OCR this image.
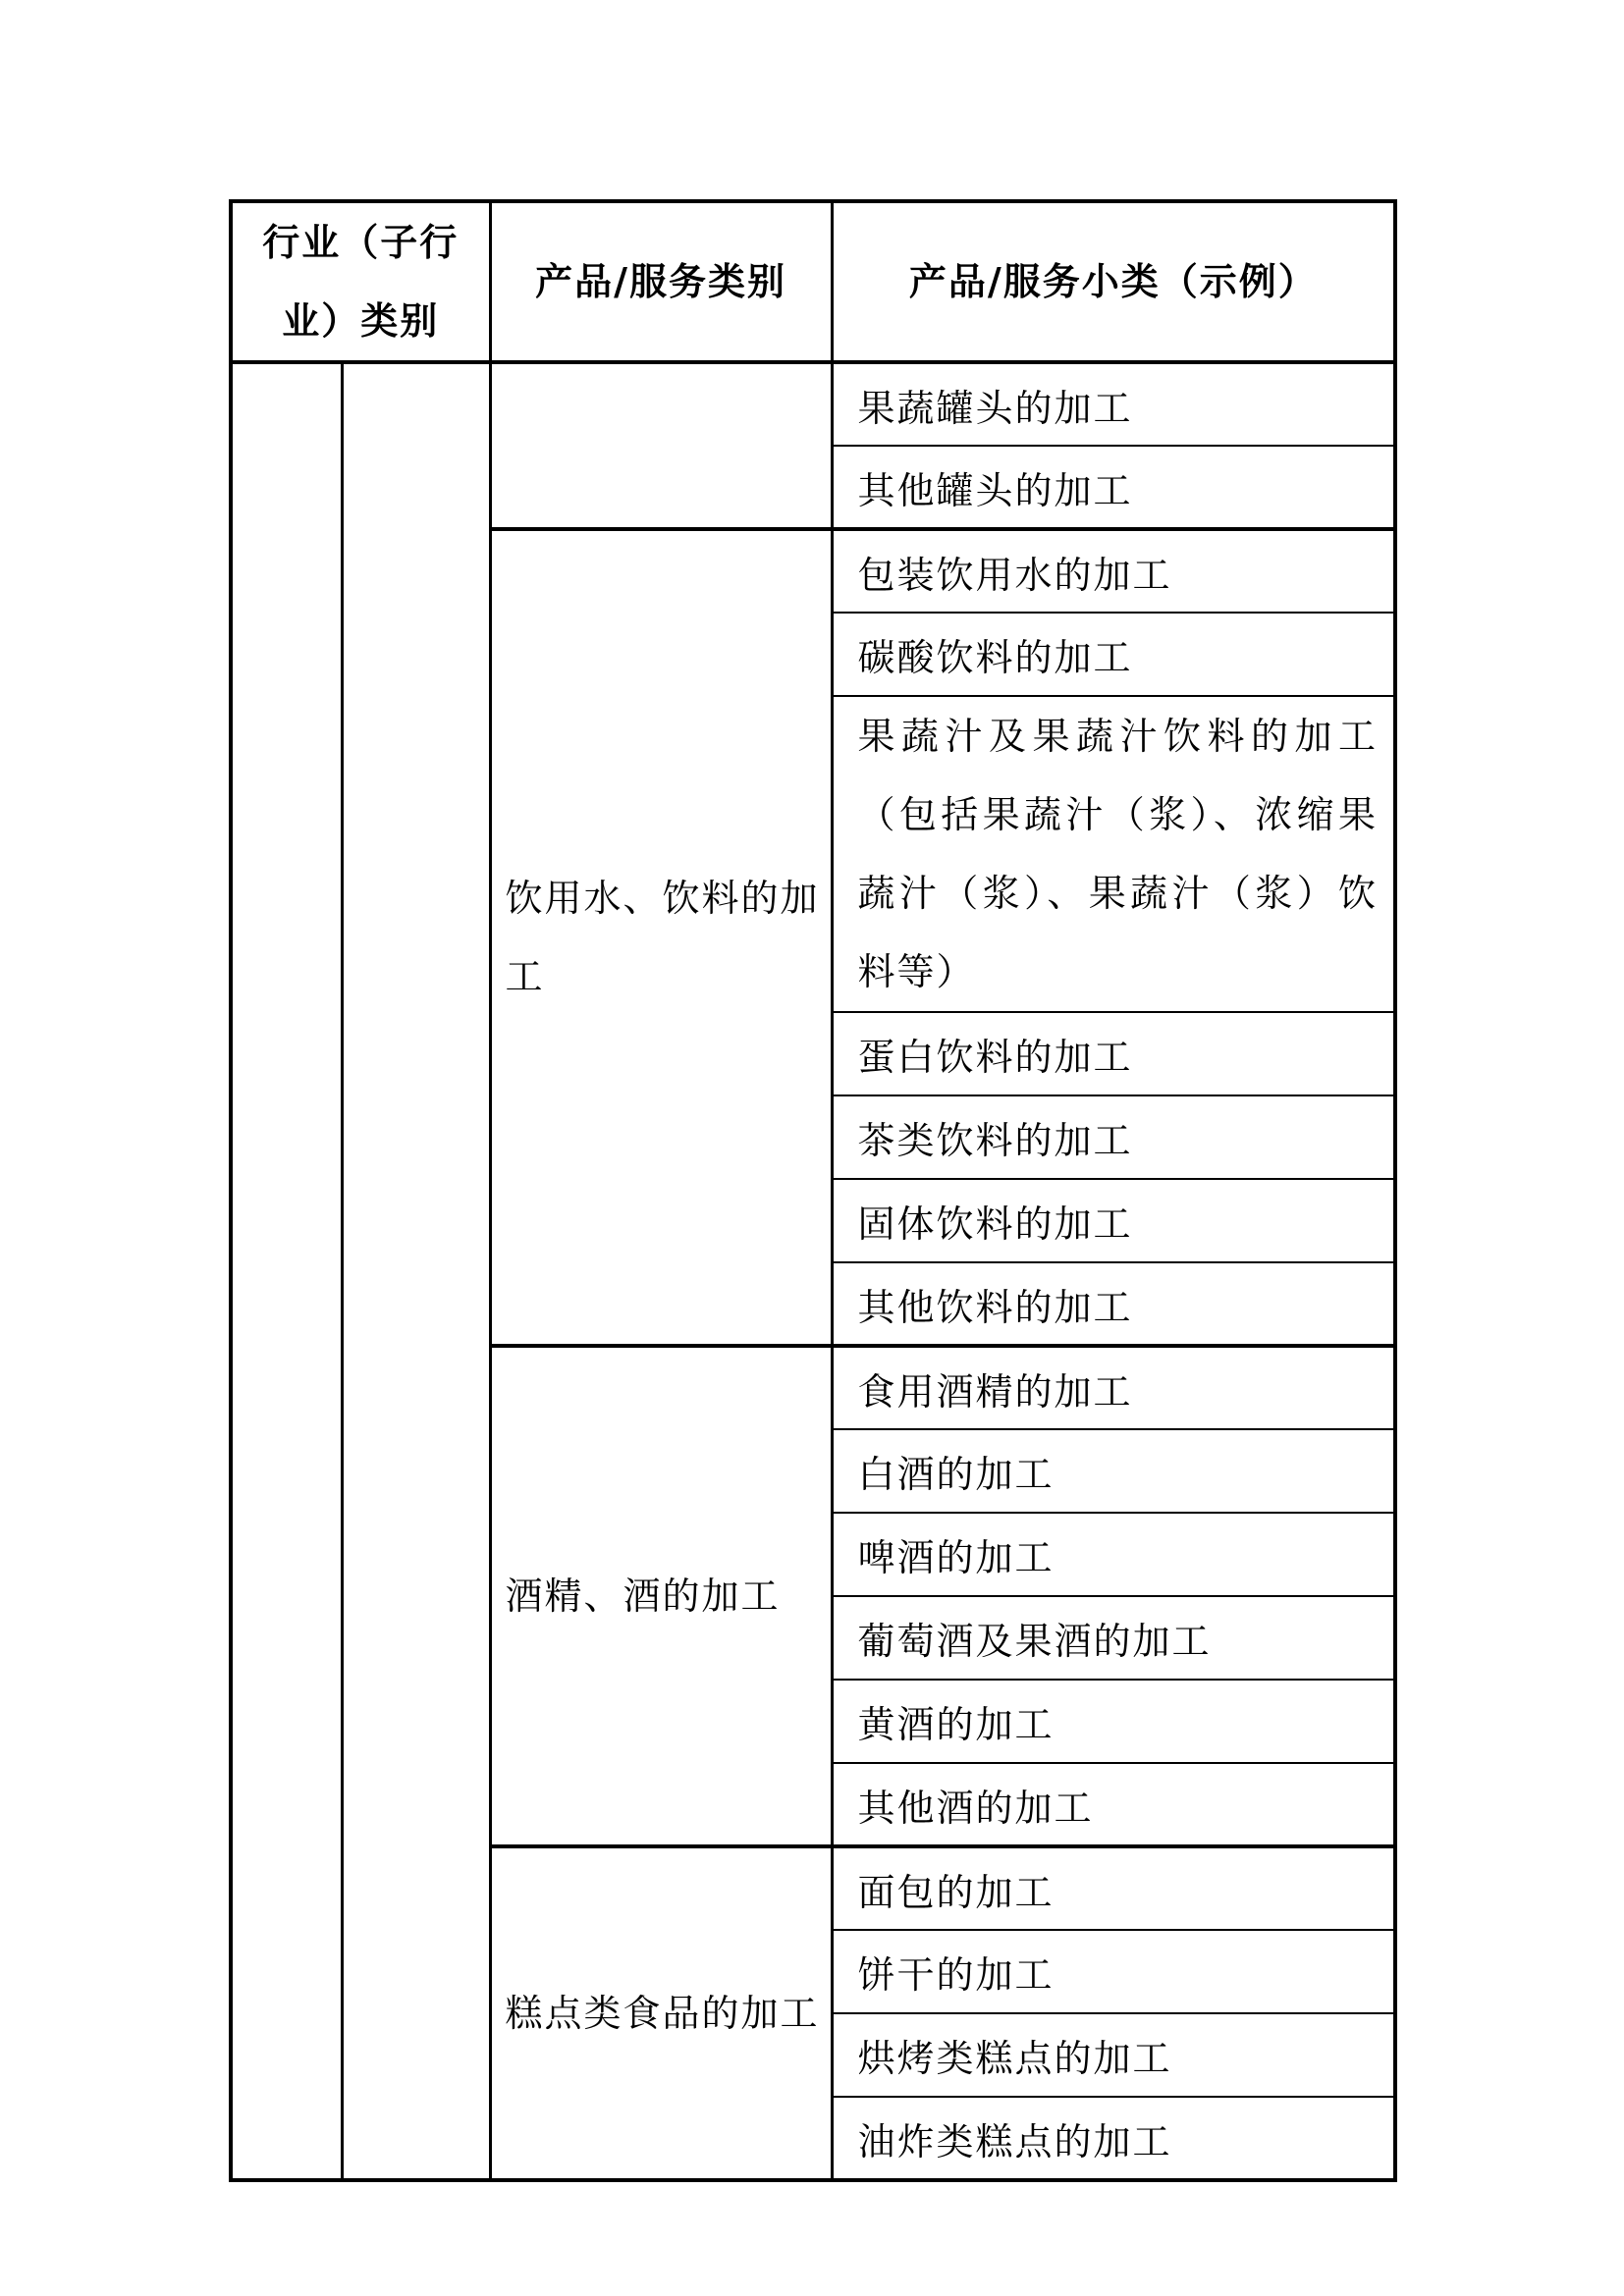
行业（子行业）类别		产品/服务类别	产品/服务小类（示例）
			果蔬罐头的加工
			其他罐头的加工
		饮用水、饮料的加工	包装饮用水的加工
			碳酸饮料的加工
			果蔬汁及果蔬汁饮料的加工（包括果蔬汁（浆）、浓缩果蔬汁（浆）、果蔬汁（浆）饮料等）
			蛋白饮料的加工
			茶类饮料的加工
			固体饮料的加工
			其他饮料的加工
		酒精、酒的加工	食用酒精的加工
			白酒的加工
			啤酒的加工
			葡萄酒及果酒的加工
			黄酒的加工
			其他酒的加工
		糕点类食品的加工	面包的加工
			饼干的加工
			烘烤类糕点的加工
			油炸类糕点的加工
